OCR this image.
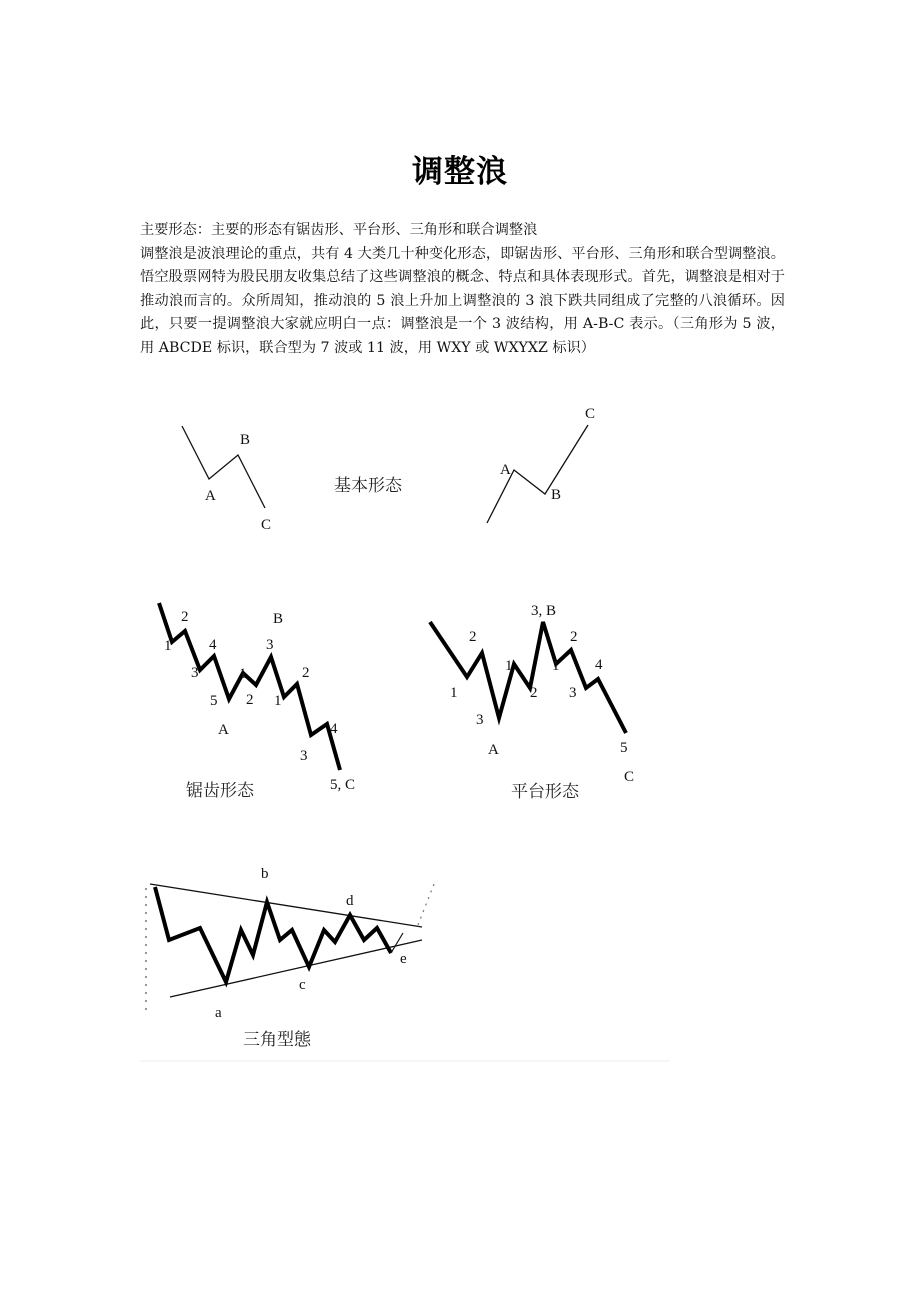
调整浪

主要形态：主要的形态有锯齿形、平台形、三角形和联合调整浪

调整浪是波浪理论的重点，共有 4 大类几十种变化形态，即锯齿形、平台形、三角形和联合型调整浪。悟空股票网特为股民朋友收集总结了这些调整浪的概念、特点和具体表现形式。首先，调整浪是相对于推动浪而言的。众所周知，推动浪的 5 浪上升加上调整浪的 3 浪下跌共同组成了完整的八浪循环。因此，只要一提调整浪大家就应明白一点：调整浪是一个 3 波结构，用 A-B-C 表示。（三角形为 5 波，用 ABCDE 标识，联合型为 7 波或 11 波，用 WXY 或 WXYXZ 标识）

A
B
C
基本形态
A
B
C
1
2
3
4
5
1
2
3
1
2
3
4
A
B
5, C
锯齿形态
1
2
3
1
2
3, B
1
2
3
4
5
A
C
平台形态
a
b
c
d
e
三角型態
